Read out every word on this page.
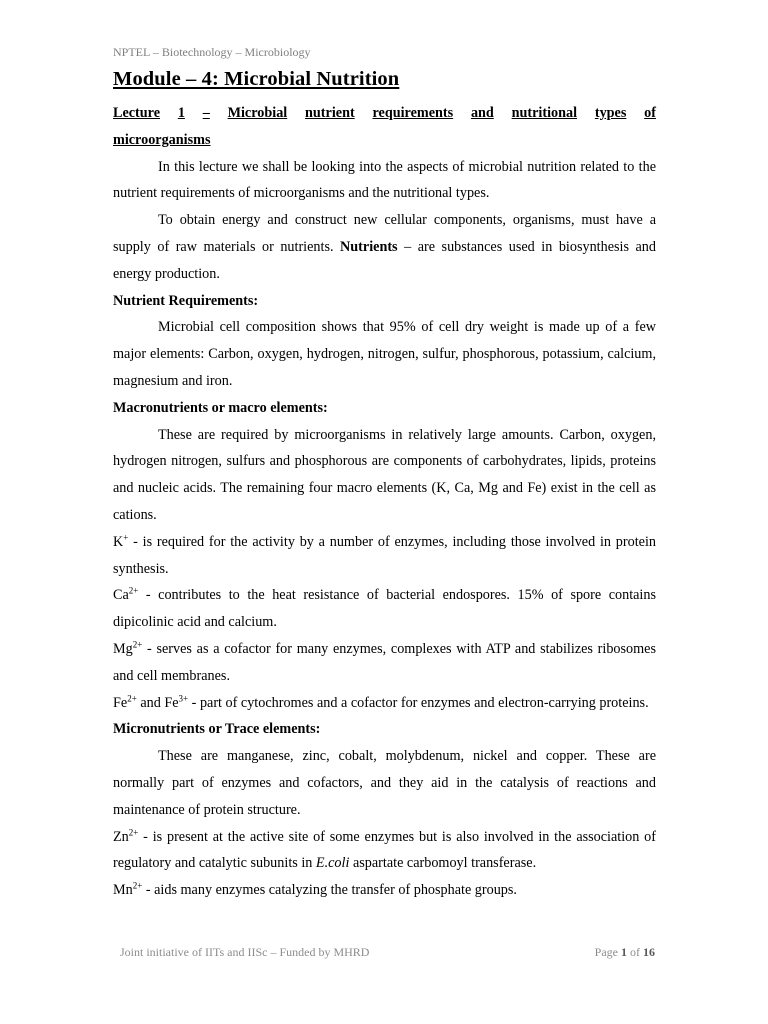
NPTEL – Biotechnology – Microbiology
Module – 4: Microbial Nutrition
Lecture 1 – Microbial nutrient requirements and nutritional types of
microorganisms

In this lecture we shall be looking into the aspects of microbial nutrition related to the nutrient requirements of microorganisms and the nutritional types.

To obtain energy and construct new cellular components, organisms, must have a supply of raw materials or nutrients. Nutrients – are substances used in biosynthesis and energy production.

Nutrient Requirements:

Microbial cell composition shows that 95% of cell dry weight is made up of a few major elements: Carbon, oxygen, hydrogen, nitrogen, sulfur, phosphorous, potassium, calcium, magnesium and iron.

Macronutrients or macro elements:

These are required by microorganisms in relatively large amounts. Carbon, oxygen, hydrogen nitrogen, sulfurs and phosphorous are components of carbohydrates, lipids, proteins and nucleic acids. The remaining four macro elements (K, Ca, Mg and Fe) exist in the cell as cations.

K+ - is required for the activity by a number of enzymes, including those involved in protein synthesis.

$Ca^{2+}$ - contributes to the heat resistance of bacterial endospores. 15% of spore contains dipicolinic acid and calcium.

$Mg^{2+}$ - serves as a cofactor for many enzymes, complexes with ATP and stabilizes ribosomes and cell membranes.

$Fe^{2+}$ and $Fe^{3+}$ - part of cytochromes and a cofactor for enzymes and electron-carrying proteins.

Micronutrients or Trace elements:

These are manganese, zinc, cobalt, molybdenum, nickel and copper. These are normally part of enzymes and cofactors, and they aid in the catalysis of reactions and maintenance of protein structure.

$Zn^{2+}$ - is present at the active site of some enzymes but is also involved in the association of regulatory and catalytic subunits in E.coli aspartate carbomoyl transferase.

$Mn^{2+}$ - aids many enzymes catalyzing the transfer of phosphate groups.

Joint initiative of IITs and IISc – Funded by MHRD	Page 1 of 16
